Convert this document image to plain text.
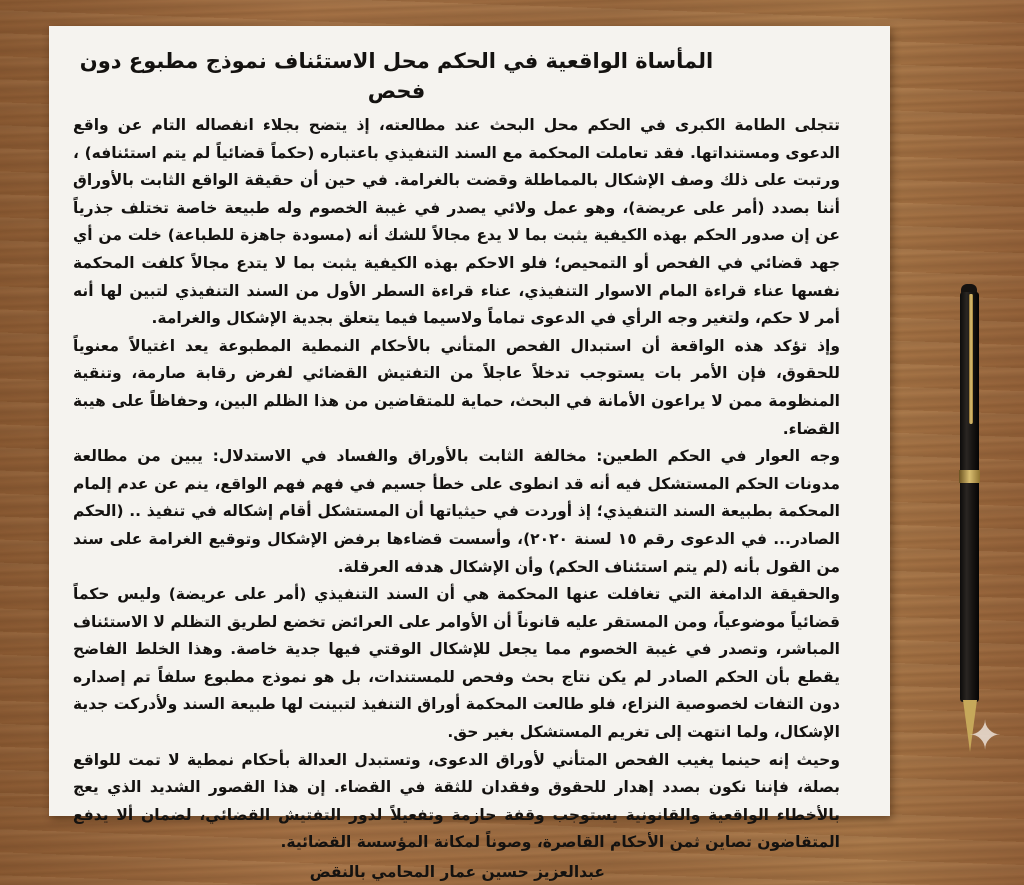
المأساة الواقعية في الحكم محل الاستئناف نموذج مطبوع دون فحص

تتجلى الطامة الكبرى في الحكم محل البحث عند مطالعته، إذ يتضح بجلاء انفصاله التام عن واقع الدعوى ومستنداتها. فقد تعاملت المحكمة مع السند التنفيذي باعتباره (حكماً قضائياً لم يتم استئنافه) ، ورتبت على ذلك وصف الإشكال بالمماطلة وقضت بالغرامة. في حين أن حقيقة الواقع الثابت بالأوراق أننا بصدد (أمر على عريضة)، وهو عمل ولائي يصدر في غيبة الخصوم وله طبيعة خاصة تختلف جذرياً عن إن صدور الحكم بهذه الكيفية يثبت بما لا يدع مجالاً للشك أنه (مسودة جاهزة للطباعة) خلت من أي جهد قضائي في الفحص أو التمحيص؛ فلو الاحكم بهذه الكيفية يثبت بما لا يتدع مجالاً كلفت المحكمة نفسها عناء قراءة المام الاسوار التنفيذي، عناء قراءة السطر الأول من السند التنفيذي لتبين لها أنه أمر لا حكم، ولتغير وجه الرأي في الدعوى تماماً ولاسيما فيما يتعلق بجدية الإشكال والغرامة.

وإذ تؤكد هذه الواقعة أن استبدال الفحص المتأني بالأحكام النمطية المطبوعة يعد اغتيالاً معنوياً للحقوق، فإن الأمر بات يستوجب تدخلاً عاجلاً من التفتيش القضائي لفرض رقابة صارمة، وتنقية المنظومة ممن لا يراعون الأمانة في البحث، حماية للمتقاضين من هذا الظلم البين، وحفاظاً على هيبة القضاء.

وجه العوار في الحكم الطعين: مخالفة الثابت بالأوراق والفساد في الاستدلال: يبين من مطالعة مدونات الحكم المستشكل فيه أنه قد انطوى على خطأ جسيم في فهم فهم الواقع، ينم عن عدم إلمام المحكمة بطبيعة السند التنفيذي؛ إذ أوردت في حيثياتها أن المستشكل أقام إشكاله في تنفيذ .. (الحكم الصادر... في الدعوى رقم ١٥ لسنة ٢٠٢٠)، وأسست قضاءها برفض الإشكال وتوقيع الغرامة على سند من القول بأنه (لم يتم استئناف الحكم) وأن الإشكال هدفه العرقلة.

والحقيقة الدامغة التي تغافلت عنها المحكمة هي أن السند التنفيذي (أمر على عريضة) وليس حكماً قضائياً موضوعياً، ومن المستقر عليه قانوناً أن الأوامر على العرائض تخضع لطريق التظلم لا الاستئناف المباشر، وتصدر في غيبة الخصوم مما يجعل للإشكال الوقتي فيها جدية خاصة. وهذا الخلط الفاضح يقطع بأن الحكم الصادر لم يكن نتاج بحث وفحص للمستندات، بل هو نموذج مطبوع سلفاً تم إصداره دون التفات لخصوصية النزاع، فلو طالعت المحكمة أوراق التنفيذ لتبينت لها طبيعة السند ولأدركت جدية الإشكال، ولما انتهت إلى تغريم المستشكل بغير حق.

وحيث إنه حينما يغيب الفحص المتأني لأوراق الدعوى، وتستبدل العدالة بأحكام نمطية لا تمت للواقع بصلة، فإننا نكون بصدد إهدار للحقوق وفقدان للثقة في القضاء. إن هذا القصور الشديد الذي يعج بالأخطاء الواقعية والقانونية يستوجب وقفة حازمة وتفعيلاً لدور التفتيش القضائي، لضمان ألا يدفع المتقاضون تصاين ثمن الأحكام القاصرة، وصوناً لمكانة المؤسسة القضائية.

عبدالعزيز حسين عمار المحامي بالنقض
✦
